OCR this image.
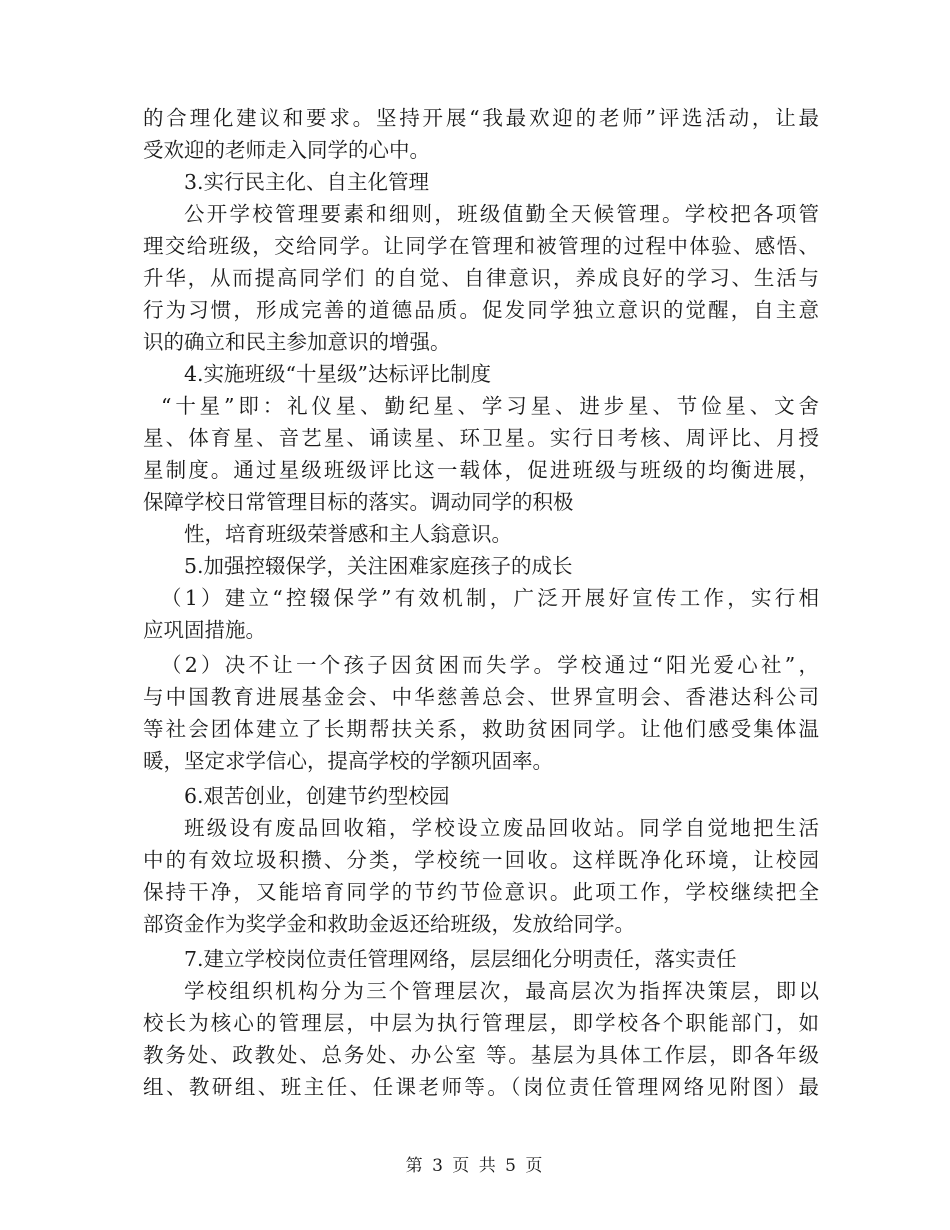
的合理化建议和要求。坚持开展“我最欢迎的老师”评选活动，让最
受欢迎的老师走入同学的心中。
3.实行民主化、自主化管理
公开学校管理要素和细则，班级值勤全天候管理。学校把各项管
理交给班级，交给同学。让同学在管理和被管理的过程中体验、感悟、
升华，从而提高同学们 的自觉、自律意识，养成良好的学习、生活与
行为习惯，形成完善的道德品质。促发同学独立意识的觉醒，自主意
识的确立和民主参加意识的增强。
4.实施班级“十星级”达标评比制度
“十星”即：礼仪星、勤纪星、学习星、进步星、节俭星、文舍
星、体育星、音艺星、诵读星、环卫星。实行日考核、周评比、月授
星制度。通过星级班级评比这一载体，促进班级与班级的均衡进展，
保障学校日常管理目标的落实。调动同学的积极
性，培育班级荣誉感和主人翁意识。
5.加强控辍保学，关注困难家庭孩子的成长
（1）建立“控辍保学”有效机制，广泛开展好宣传工作，实行相
应巩固措施。
（2）决不让一个孩子因贫困而失学。学校通过“阳光爱心社”，
与中国教育进展基金会、中华慈善总会、世界宣明会、香港达科公司
等社会团体建立了长期帮扶关系，救助贫困同学。让他们感受集体温
暖，坚定求学信心，提高学校的学额巩固率。
6.艰苦创业，创建节约型校园
班级设有废品回收箱，学校设立废品回收站。同学自觉地把生活
中的有效垃圾积攒、分类，学校统一回收。这样既净化环境，让校园
保持干净，又能培育同学的节约节俭意识。此项工作，学校继续把全
部资金作为奖学金和救助金返还给班级，发放给同学。
7.建立学校岗位责任管理网络，层层细化分明责任，落实责任
学校组织机构分为三个管理层次，最高层次为指挥决策层，即以
校长为核心的管理层，中层为执行管理层，即学校各个职能部门，如
教务处、政教处、总务处、办公室 等。基层为具体工作层，即各年级
组、教研组、班主任、任课老师等。（岗位责任管理网络见附图）最
第 3 页 共 5 页
